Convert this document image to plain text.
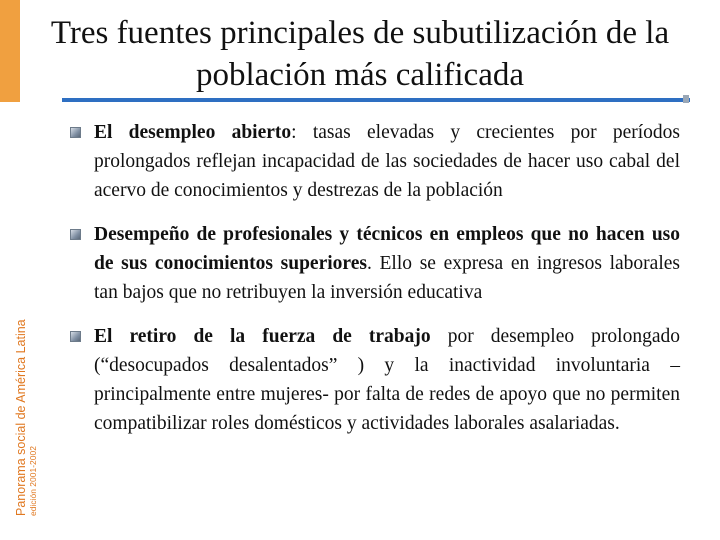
Panorama social de América Latina edición 2001-2002
Tres fuentes principales de subutilización de la población más calificada
El desempleo abierto: tasas elevadas y crecientes por períodos prolongados reflejan incapacidad de las sociedades de hacer uso cabal del acervo de conocimientos y destrezas de la población
Desempeño de profesionales y técnicos en empleos que no hacen uso de sus conocimientos superiores. Ello se expresa en ingresos laborales tan bajos que no retribuyen la inversión educativa
El retiro de la fuerza de trabajo por desempleo prolongado (“desocupados desalentados” ) y la inactividad involuntaria –principalmente entre mujeres- por falta de redes de apoyo que no permiten compatibilizar roles domésticos y actividades laborales asalariadas.
